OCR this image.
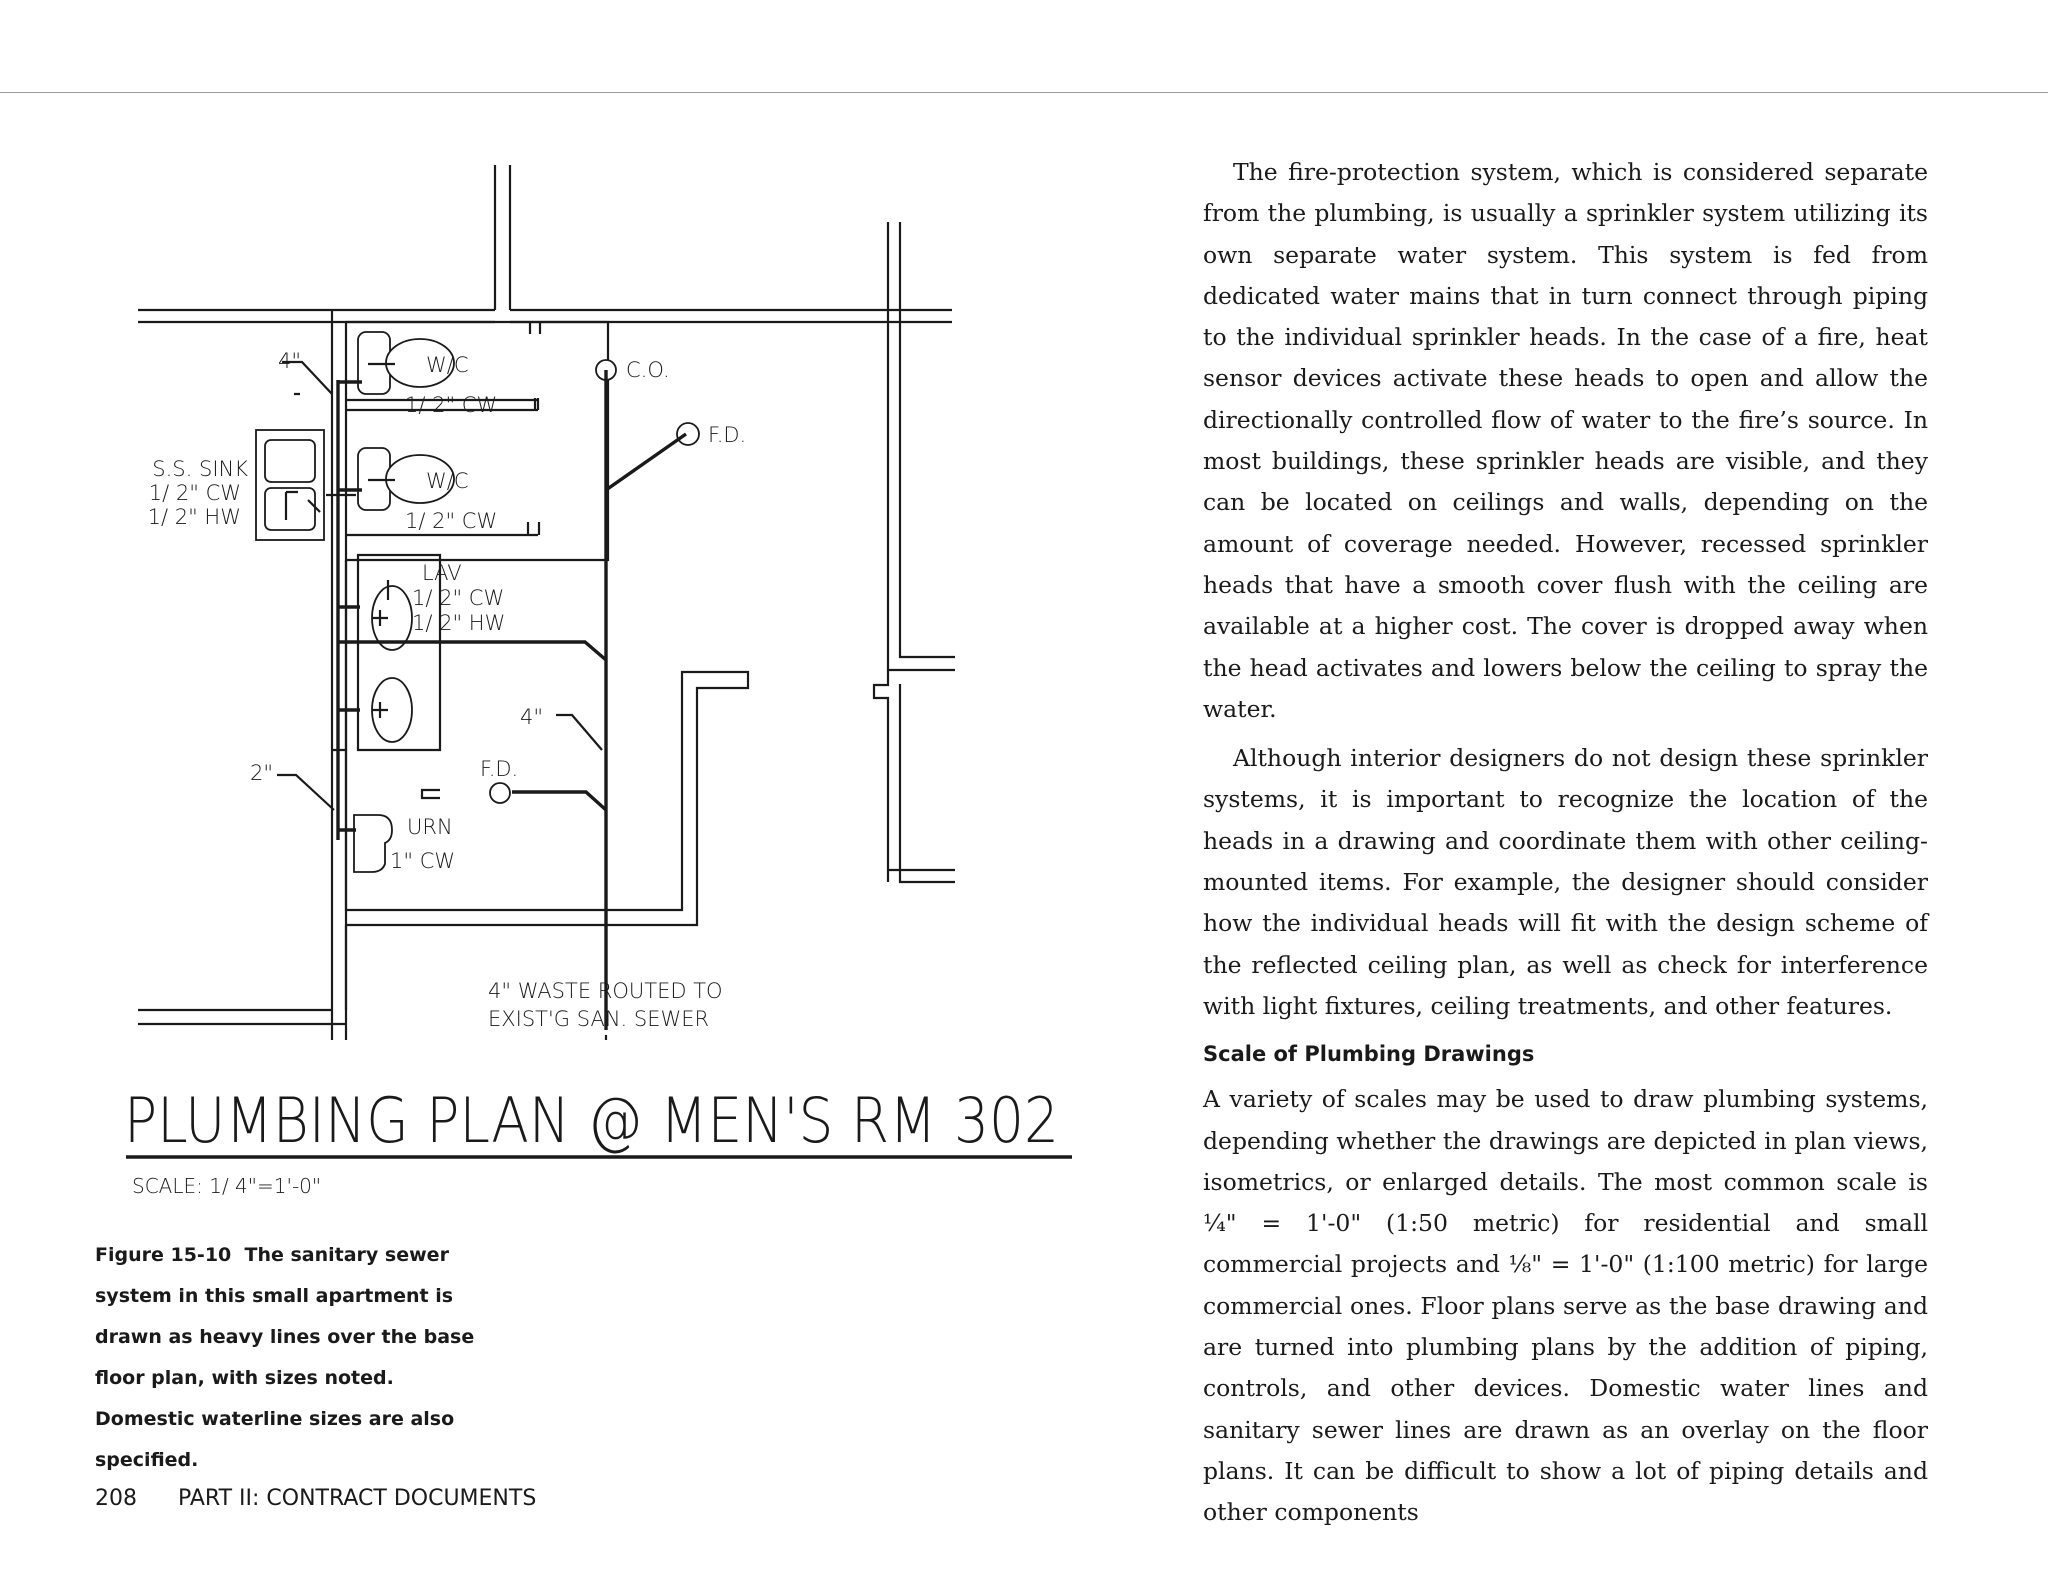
4"	W/C
1/ 2" CW
W/C
1/ 2" CW
C.O.
F.D.
S.S. SINK
1/ 2" CW
1/ 2" HW
LAV
1/ 2" CW
1/ 2" HW
4"
2"	F.D.
URN
1" CW
4" WASTE ROUTED TO
EXIST'G SAN. SEWER
PLUMBING PLAN @ MEN'S RM 302
SCALE: 1/ 4"=1'-0"
Figure 15-10 The sanitary sewer system in this small apartment is drawn as heavy lines over the base floor plan, with sizes noted. Domestic waterline sizes are also specified.
208 PART II: CONTRACT DOCUMENTS

The fire-protection system, which is considered separate from the plumbing, is usually a sprinkler system utilizing its own separate water system. This system is fed from dedicated water mains that in turn connect through piping to the individual sprinkler heads. In the case of a fire, heat sensor devices activate these heads to open and allow the directionally controlled flow of water to the fire’s source. In most buildings, these sprinkler heads are visible, and they can be located on ceilings and walls, depending on the amount of coverage needed. However, recessed sprinkler heads that have a smooth cover flush with the ceiling are available at a higher cost. The cover is dropped away when the head activates and lowers below the ceiling to spray the water.

Although interior designers do not design these sprinkler systems, it is important to recognize the location of the heads in a drawing and coordinate them with other ceiling-mounted items. For example, the designer should consider how the individual heads will fit with the design scheme of the reflected ceiling plan, as well as check for interference with light fixtures, ceiling treatments, and other features.

Scale of Plumbing Drawings

A variety of scales may be used to draw plumbing systems, depending whether the drawings are depicted in plan views, isometrics, or enlarged details. The most common scale is ¼" = 1'-0" (1:50 metric) for residential and small commercial projects and ⅛" = 1'-0" (1:100 metric) for large commercial ones. Floor plans serve as the base drawing and are turned into plumbing plans by the addition of piping, controls, and other devices. Domestic water lines and sanitary sewer lines are drawn as an overlay on the floor plans. It can be difficult to show a lot of piping details and other components
